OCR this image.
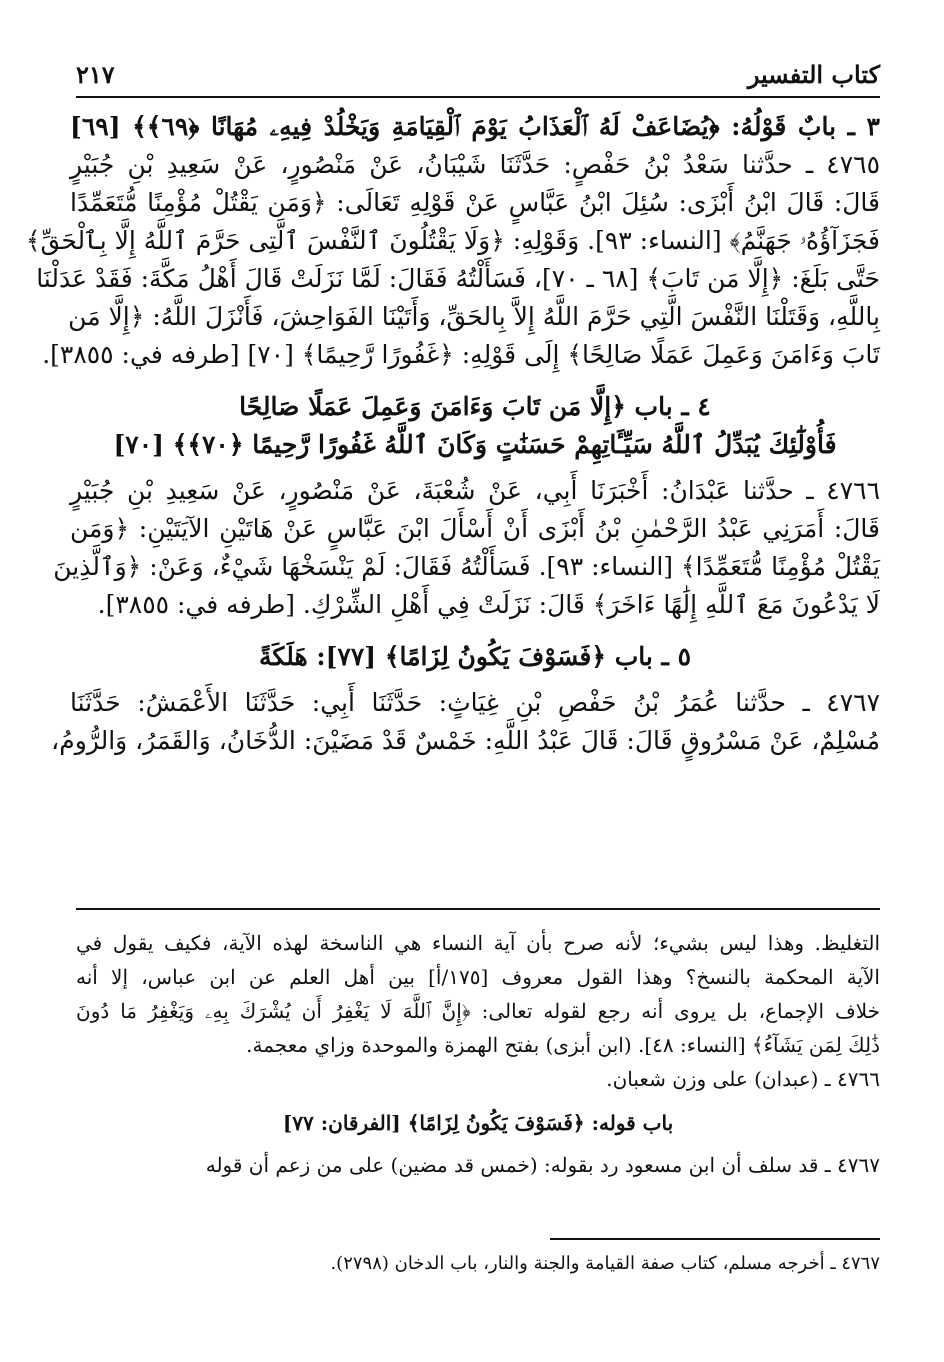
كتاب التفسير
٢١٧
٣ ـ بابٌ قَوْلُهُ: ﴿يُضَاعَفْ لَهُ ٱلْعَذَابُ يَوْمَ ٱلْقِيَامَةِ وَيَخْلُدْ فِيهِۦ مُهَانًا ﴿٦٩﴾﴾ [٦٩]
٤٧٦٥ ـ حدَّثنا سَعْدُ بْنُ حَفْصٍ: حَدَّثَنَا شَيْبَانُ، عَنْ مَنْصُورٍ، عَنْ سَعِيدِ بْنِ جُبَيْرٍ
قَالَ: قَالَ ابْنُ أَبْزَى: سُئِلَ ابْنُ عَبَّاسٍ عَنْ قَوْلِهِ تَعَالَى: ﴿وَمَن يَقْتُلْ مُؤْمِنًا مُّتَعَمِّدًا
فَجَزَآؤُهُۥ جَهَنَّمُ﴾ [النساء: ٩٣]. وَقَوْلِهِ: ﴿وَلَا يَقْتُلُونَ ٱلنَّفْسَ ٱلَّتِى حَرَّمَ ٱللَّهُ إِلَّا بِٱلْحَقِّ﴾
حَتَّى بَلَغَ: ﴿إِلَّا مَن تَابَ﴾ [٦٨ ـ ٧٠]، فَسَأَلْتُهُ فَقَالَ: لَمَّا نَزَلَتْ قَالَ أَهْلُ مَكَّةَ: فَقَدْ عَدَلْنَا
بِاللَّهِ، وَقَتَلْنَا النَّفْسَ الَّتِي حَرَّمَ اللَّهُ إِلاَّ بِالحَقِّ، وَأَتَيْنَا الفَوَاحِشَ، فَأَنْزَلَ اللَّهُ: ﴿إِلَّا مَن
تَابَ وَءَامَنَ وَعَمِلَ عَمَلًا صَالِحًا﴾ إِلَى قَوْلِهِ: ﴿غَفُورًا رَّحِيمًا﴾ [٧٠] [طرفه في: ٣٨٥٥].
٤ ـ باب ﴿إِلَّا مَن تَابَ وَءَامَنَ وَعَمِلَ عَمَلًا صَالِحًا
فَأُوْلَٰٓئِكَ يُبَدِّلُ ٱللَّهُ سَيِّـَٔاتِهِمْ حَسَنَٰتٍ وَكَانَ ٱللَّهُ غَفُورًا رَّحِيمًا ﴿٧٠﴾﴾ [٧٠]
٤٧٦٦ ـ حدَّثنا عَبْدَانُ: أَخْبَرَنَا أَبِي، عَنْ شُعْبَةَ، عَنْ مَنْصُورٍ، عَنْ سَعِيدِ بْنِ جُبَيْرٍ
قَالَ: أَمَرَنِي عَبْدُ الرَّحْمٰنِ بْنُ أَبْزَى أَنْ أَسْأَلَ ابْنَ عَبَّاسٍ عَنْ هَاتَيْنِ الآيَتَيْنِ: ﴿وَمَن
يَقْتُلْ مُؤْمِنًا مُّتَعَمِّدًا﴾ [النساء: ٩٣]. فَسَأَلْتُهُ فَقَالَ: لَمْ يَنْسَخْهَا شَيْءٌ، وَعَنْ: ﴿وَٱلَّذِينَ
لَا يَدْعُونَ مَعَ ٱللَّهِ إِلَٰهًا ءَاخَرَ﴾ قَالَ: نَزَلَتْ فِي أَهْلِ الشِّرْكِ. [طرفه في: ٣٨٥٥].
٥ ـ باب ﴿فَسَوْفَ يَكُونُ لِزَامًا﴾ [٧٧]: هَلَكَةً
٤٧٦٧ ـ حدَّثنا عُمَرُ بْنُ حَفْصِ بْنِ غِيَاثٍ: حَدَّثَنَا أَبِي: حَدَّثَنَا الأَعْمَشُ: حَدَّثَنَا
مُسْلِمٌ، عَنْ مَسْرُوقٍ قَالَ: قَالَ عَبْدُ اللَّهِ: خَمْسٌ قَدْ مَضَيْنَ: الدُّخَانُ، وَالقَمَرُ، وَالرُّومُ،
التغليظ. وهذا ليس بشيء؛ لأنه صرح بأن آية النساء هي الناسخة لهذه الآية، فكيف يقول في
الآية المحكمة بالنسخ؟ وهذا القول معروف [١٧٥/أ] بين أهل العلم عن ابن عباس، إلا أنه
خلاف الإجماع، بل يروى أنه رجع لقوله تعالى: ﴿إِنَّ ٱللَّهَ لَا يَغْفِرُ أَن يُشْرَكَ بِهِۦ وَيَغْفِرُ مَا دُونَ
ذَٰلِكَ لِمَن يَشَآءُ﴾ [النساء: ٤٨]. (ابن أبزى) بفتح الهمزة والموحدة وزاي معجمة.
٤٧٦٦ ـ (عبدان) على وزن شعبان.
باب قوله: ﴿فَسَوْفَ يَكُونُ لِزَامًا﴾ [الفرقان: ٧٧]
٤٧٦٧ ـ قد سلف أن ابن مسعود رد بقوله: (خمس قد مضين) على من زعم أن قوله
٤٧٦٧ ـ أخرجه مسلم، كتاب صفة القيامة والجنة والنار، باب الدخان (٢٧٩٨).
